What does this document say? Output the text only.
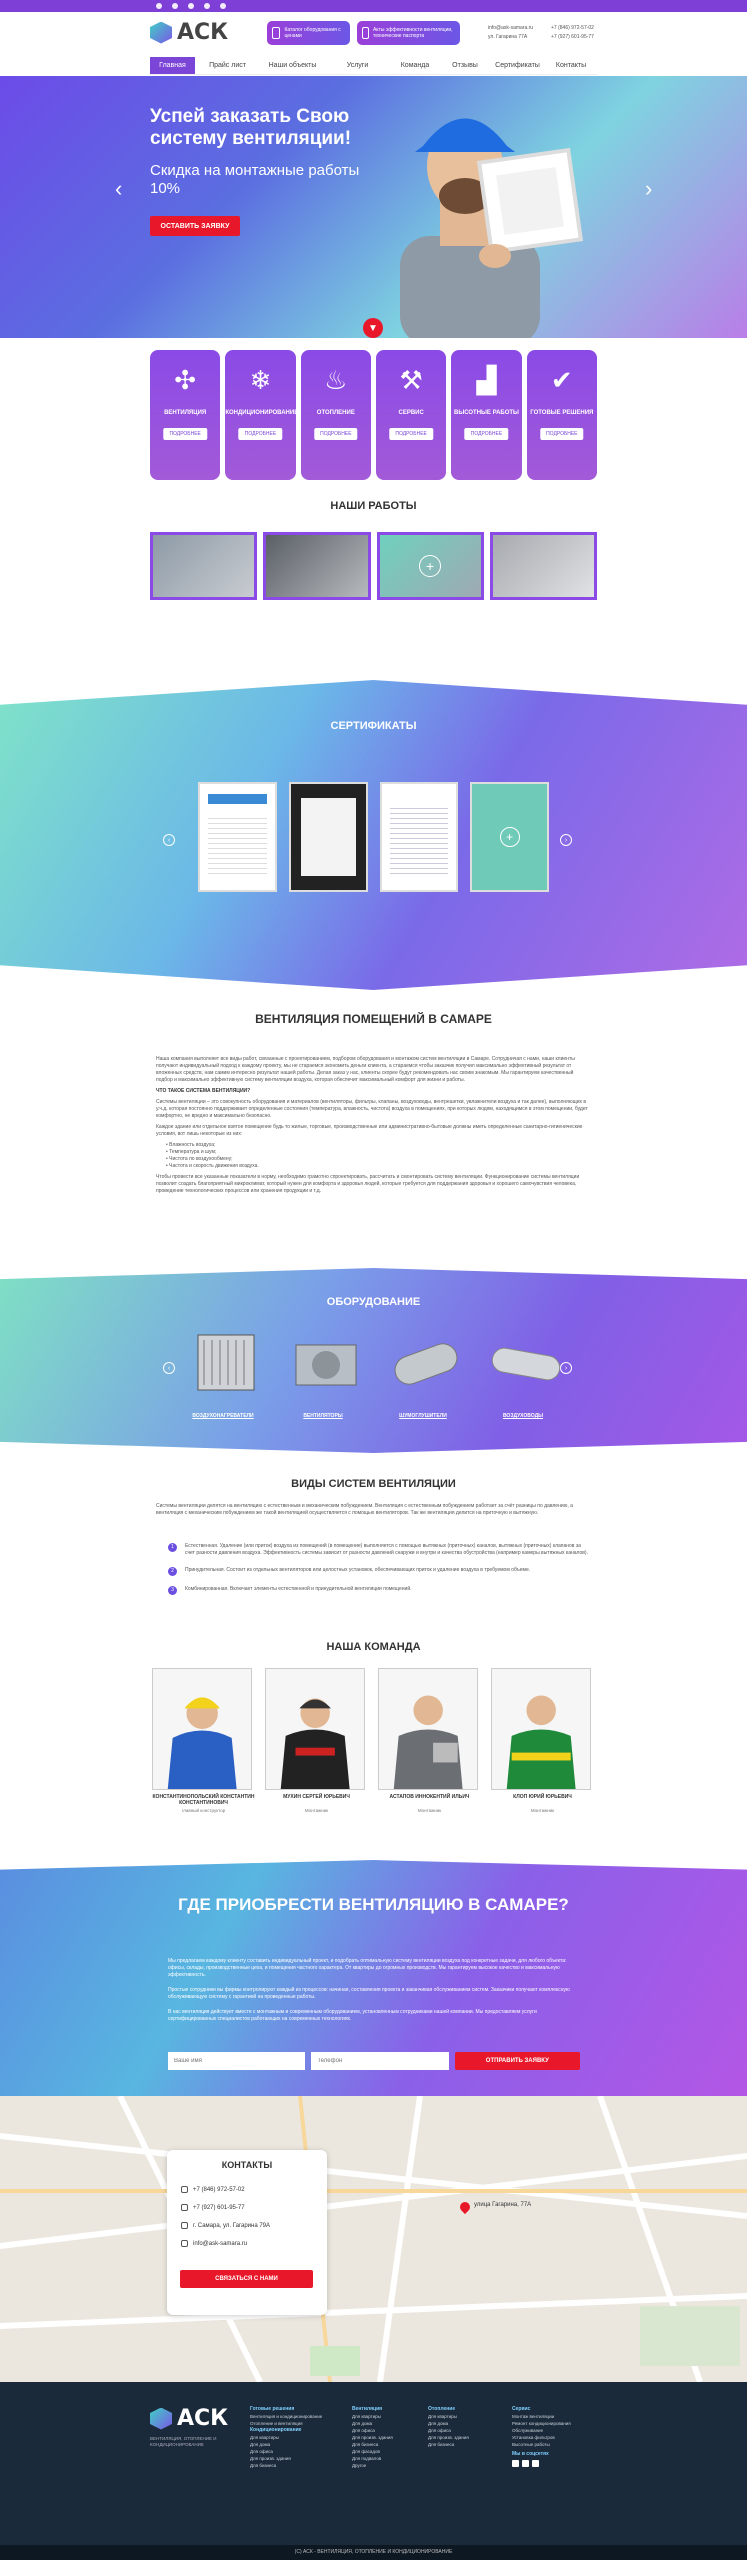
АСК	Каталог оборудования с ценами
Акты эффективности вентиляции, технические паспорта
info@ask-samara.ru
ул. Гагарина 77А
+7 (846) 972-57-02
+7 (927) 601-95-77
Главная	Прайс лист	Наши объекты	Услуги	Команда	Отзывы	Сертификаты	Контакты
Успей заказать Свою систему вентиляции!
Скидка на монтажные работы 10%
ОСТАВИТЬ ЗАЯВКУ
‹	›
▼
✣
ВЕНТИЛЯЦИЯ
ПОДРОБНЕЕ
❄
КОНДИЦИОНИРОВАНИЕ
ПОДРОБНЕЕ
♨
ОТОПЛЕНИЕ
ПОДРОБНЕЕ
⚒
СЕРВИС
ПОДРОБНЕЕ
▟
ВЫСОТНЫЕ РАБОТЫ
ПОДРОБНЕЕ
✔
ГОТОВЫЕ РЕШЕНИЯ
ПОДРОБНЕЕ
НАШИ РАБОТЫ
+
СЕРТИФИКАТЫ
‹	›
+
ВЕНТИЛЯЦИЯ ПОМЕЩЕНИЙ В САМАРЕ

Наша компания выполняет все виды работ, связанные с проектированием, подбором оборудования и монтажом систем вентиляции в Самаре. Сотрудничая с нами, наши клиенты получают индивидуальный подход к каждому проекту, мы не стараемся экономить деньги клиента, а стараемся чтобы заказчик получил максимально эффективный результат от вложенных средств, нам самим интересно результат нашей работы. Делая заказ у нас, клиенты скорее будут рекомендовать нас своим знакомым. Мы гарантируем качественный подбор и максимально эффективную систему вентиляции воздуха, которая обеспечит максимальный комфорт для жизни и работы.

ЧТО ТАКОЕ СИСТЕМА ВЕНТИЛЯЦИИ?

Системы вентиляции – это совокупность оборудования и материалов (вентиляторы, фильтры, клапаны, воздуховоды, вентрешетки, увлажнители воздуха и так далее), выполняющих в у.ч.д. которая постоянно поддерживает определенные состояния (температура, влажность, чистота) воздуха в помещениях, при которых людям, находящимся в этом помещении, будет комфортно, не вредно и максимально безопасно.

Каждое здание или отдельное взятое помещение будь то жилые, торговые, производственные или административно-бытовые должны иметь определенные санитарно-гигиенические условия, вот лишь некоторые из них:

• Влажность воздуха;
• Температура и шум;
• Чистота по воздухообмену;
• Частота и скорость движения воздуха.

Чтобы провести все указанные показатели в норму, необходимо грамотно спроектировать, рассчитать и смонтировать систему вентиляции. Функционирование системы вентиляции позволит создать благоприятный микроклимат, который нужен для комфорта и здоровья людей, которые требуется для поддержания здоровья и хорошего самочувствия человека, проведение технологических процессов или хранения продукции и т.д.

ОБОРУДОВАНИЕ
‹	›
ВОЗДУХОНАГРЕВАТЕЛИ	ВЕНТИЛЯТОРЫ	ШУМОГЛУШИТЕЛИ	ВОЗДУХОВОДЫ
ВИДЫ СИСТЕМ ВЕНТИЛЯЦИИ
Системы вентиляции делятся на вентиляцию с естественным и механическим побуждением. Вентиляция с естественным побуждением работает за счёт разницы по давлению, а вентиляция с механическим побуждением же такой вентиляцией осуществляется с помощью вентиляторов. Так же вентиляция делится на приточную и вытяжную.
1	Естественная. Удаление (или приток) воздуха из помещений (в помещение) выполняется с помощью вытяжных (приточных) каналов, вытяжных (приточных) клапанов за счет разности давления воздуха. Эффективность системы зависит от разности давлений снаружи и внутри и качества обустройства (например камеры вытяжных каналов).
2	Принудительная. Состоит из отдельных вентиляторов или целостных установок, обеспечивающих приток и удаление воздуха в требуемом объеме.
3	Комбинированная. Включает элементы естественной и принудительной вентиляции помещений.
НАША КОМАНДА
КОНСТАНТИНОПОЛЬСКИЙ КОНСТАНТИН КОНСТАНТИНОВИЧ
главный конструктор
МУХИН СЕРГЕЙ ЮРЬЕВИЧ
Монтажник
АСТАПОВ ИННОКЕНТИЙ ИЛЬИЧ
Монтажник
КЛОП ЮРИЙ ЮРЬЕВИЧ
Монтажник
ГДЕ ПРИОБРЕСТИ ВЕНТИЛЯЦИЮ В САМАРЕ?

Мы предлагаем каждому клиенту составить индивидуальный проект, и подобрать оптимальную систему вентиляции воздуха под конкретные задачи, для любого объекта: офисы, склады, производственные цеха, и помещения частного характера. От квартиры до огромных производств. Мы гарантируем высокое качество и максимальную эффективность.

Простые сотрудники вы фирмы контролируют каждый из процессов: начиная, составления проекта и заканчивая обслуживанием систем. Заказчики получают комплексную обслуживающую систему с гарантией на проведенные работы.

В нас вентиляция действует вместе с монтажным и современным оборудованием, установленным сотрудниками нашей компании. Мы предоставляем услуги сертифицированных специалистов работающих на современных технологиях.

Ваше имя
Телефон
ОТПРАВИТЬ ЗАЯВКУ
улица Гагарина, 77А
КОНТАКТЫ
+7 (846) 972-57-02
+7 (927) 601-95-77
г. Самара, ул. Гагарина 79А
info@ask-samara.ru
СВЯЗАТЬСЯ С НАМИ
АСК
ВЕНТИЛЯЦИЯ, ОТОПЛЕНИЕ И КОНДИЦИОНИРОВАНИЕ
Готовые решения
Вентиляция и кондиционирование
Отопление и вентиляция
Кондиционирование
Для квартиры
Для дома
Для офиса
Для произв. здания
Для бизнеса
Вентиляция
Для квартиры
Для дома
Для офиса
Для произв. здания
Для бизнеса
Для фасадов
Для подвалов
Другое
Отопление
Для квартиры
Для дома
Для офиса
Для произв. здания
Для бизнеса
Сервис
Монтаж вентиляции
Ремонт кондиционирования
Обслуживание
Установка фильтров
Высотные работы
Мы в соцсетях
(C) АСК - ВЕНТИЛЯЦИЯ, ОТОПЛЕНИЕ И КОНДИЦИОНИРОВАНИЕ
